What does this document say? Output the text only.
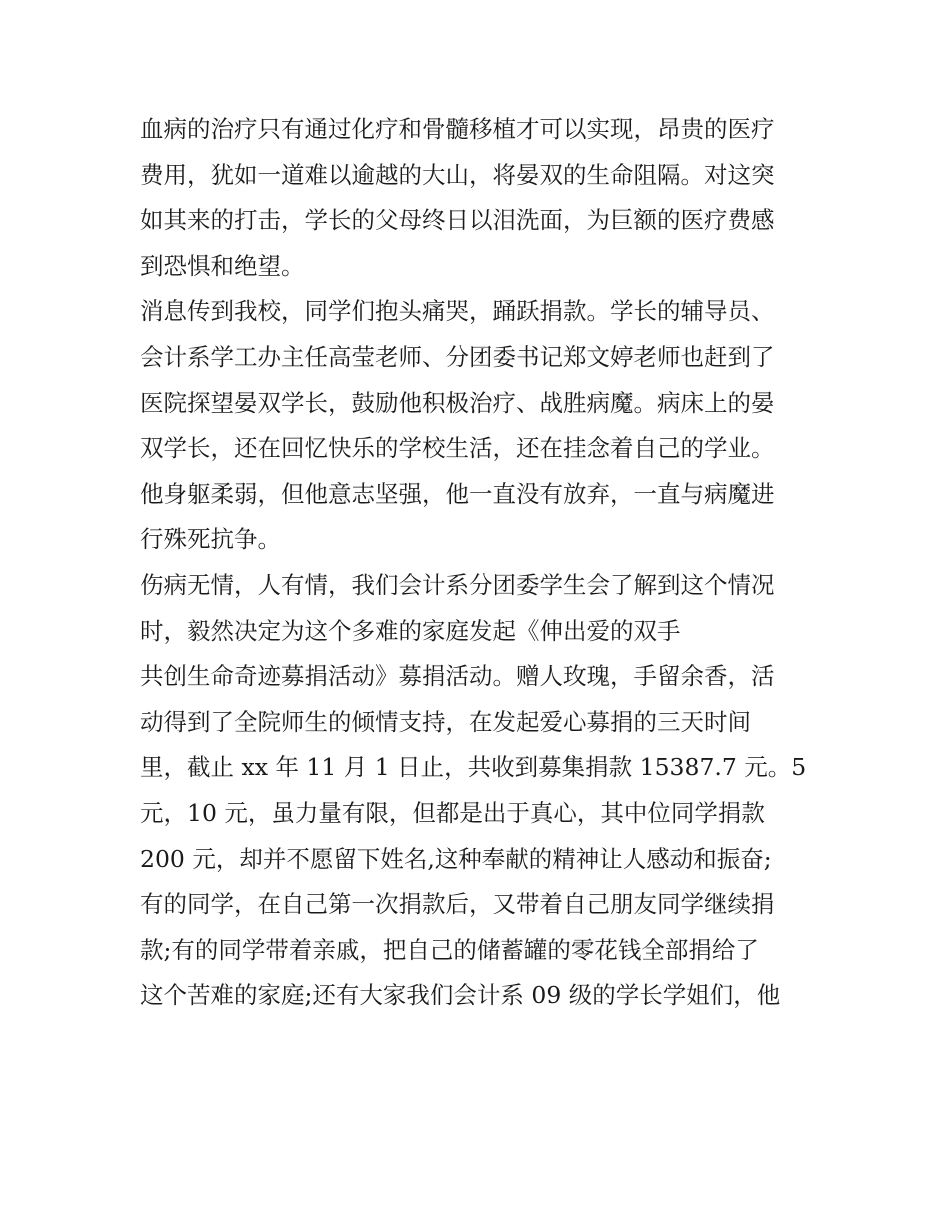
血病的治疗只有通过化疗和骨髓移植才可以实现，昂贵的医疗
费用，犹如一道难以逾越的大山，将晏双的生命阻隔。对这突
如其来的打击，学长的父母终日以泪洗面，为巨额的医疗费感
到恐惧和绝望。
消息传到我校，同学们抱头痛哭，踊跃捐款。学长的辅导员、
会计系学工办主任高莹老师、分团委书记郑文婷老师也赶到了
医院探望晏双学长，鼓励他积极治疗、战胜病魔。病床上的晏
双学长，还在回忆快乐的学校生活，还在挂念着自己的学业。
他身躯柔弱，但他意志坚强，他一直没有放弃，一直与病魔进
行殊死抗争。
伤病无情，人有情，我们会计系分团委学生会了解到这个情况
时，毅然决定为这个多难的家庭发起《伸出爱的双手
共创生命奇迹募捐活动》募捐活动。赠人玫瑰，手留余香，活
动得到了全院师生的倾情支持，在发起爱心募捐的三天时间
里，截止 xx 年 11 月 1 日止，共收到募集捐款 15387.7 元。5
元，10 元，虽力量有限，但都是出于真心，其中位同学捐款
200 元，却并不愿留下姓名,这种奉献的精神让人感动和振奋;
有的同学，在自己第一次捐款后，又带着自己朋友同学继续捐
款;有的同学带着亲戚，把自己的储蓄罐的零花钱全部捐给了
这个苦难的家庭;还有大家我们会计系 09 级的学长学姐们，他
